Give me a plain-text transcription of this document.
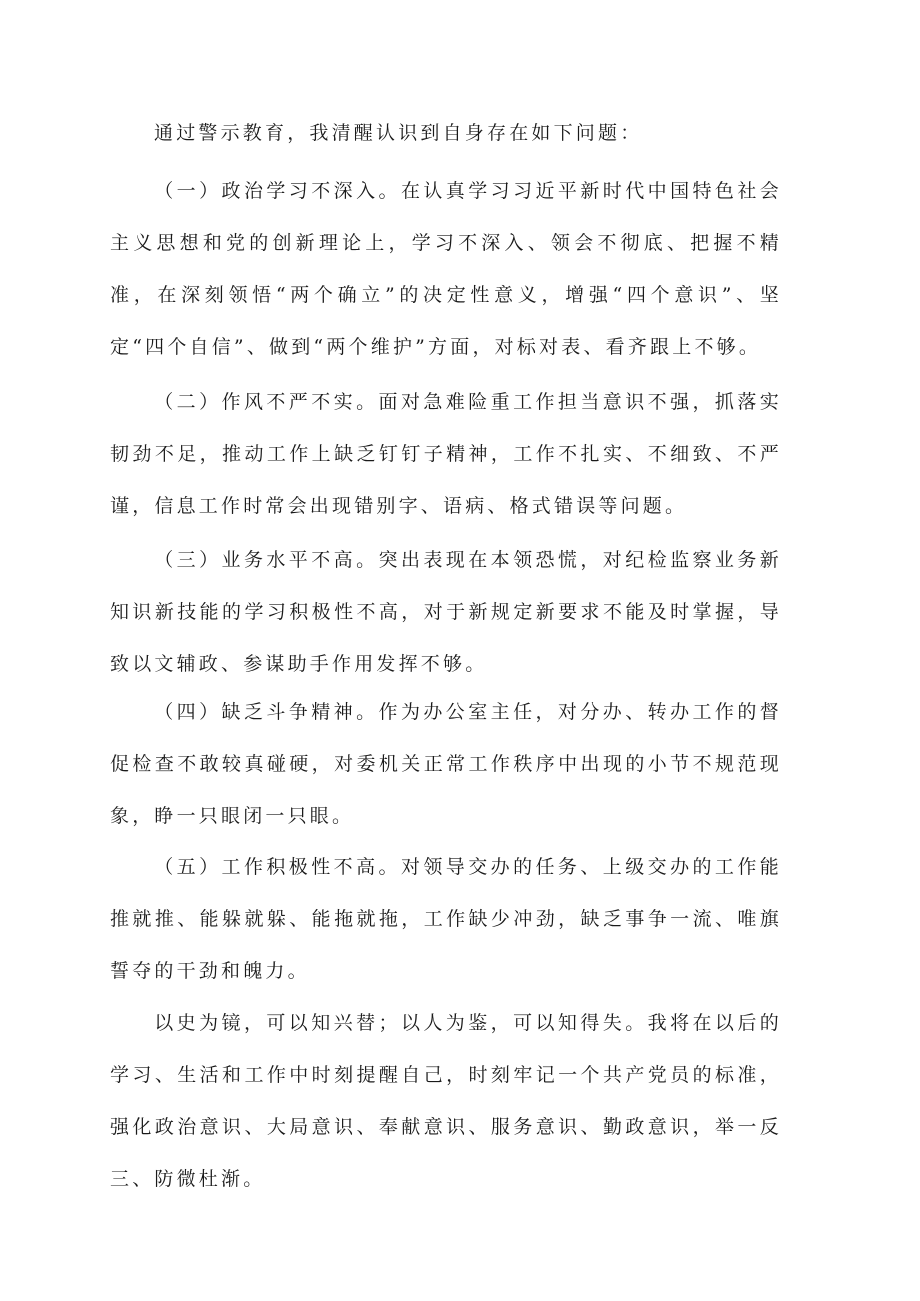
通过警示教育，我清醒认识到自身存在如下问题：

（一）政治学习不深入。在认真学习习近平新时代中国特色社会主义思想和党的创新理论上，学习不深入、领会不彻底、把握不精准，在深刻领悟“两个确立”的决定性意义，增强“四个意识”、坚定“四个自信”、做到“两个维护”方面，对标对表、看齐跟上不够。

（二）作风不严不实。面对急难险重工作担当意识不强，抓落实韧劲不足，推动工作上缺乏钉钉子精神，工作不扎实、不细致、不严谨，信息工作时常会出现错别字、语病、格式错误等问题。

（三）业务水平不高。突出表现在本领恐慌，对纪检监察业务新知识新技能的学习积极性不高，对于新规定新要求不能及时掌握，导致以文辅政、参谋助手作用发挥不够。

（四）缺乏斗争精神。作为办公室主任，对分办、转办工作的督促检查不敢较真碰硬，对委机关正常工作秩序中出现的小节不规范现象，睁一只眼闭一只眼。

（五）工作积极性不高。对领导交办的任务、上级交办的工作能推就推、能躲就躲、能拖就拖，工作缺少冲劲，缺乏事争一流、唯旗誓夺的干劲和魄力。

以史为镜，可以知兴替；以人为鉴，可以知得失。我将在以后的学习、生活和工作中时刻提醒自己，时刻牢记一个共产党员的标准，强化政治意识、大局意识、奉献意识、服务意识、勤政意识，举一反三、防微杜渐。
